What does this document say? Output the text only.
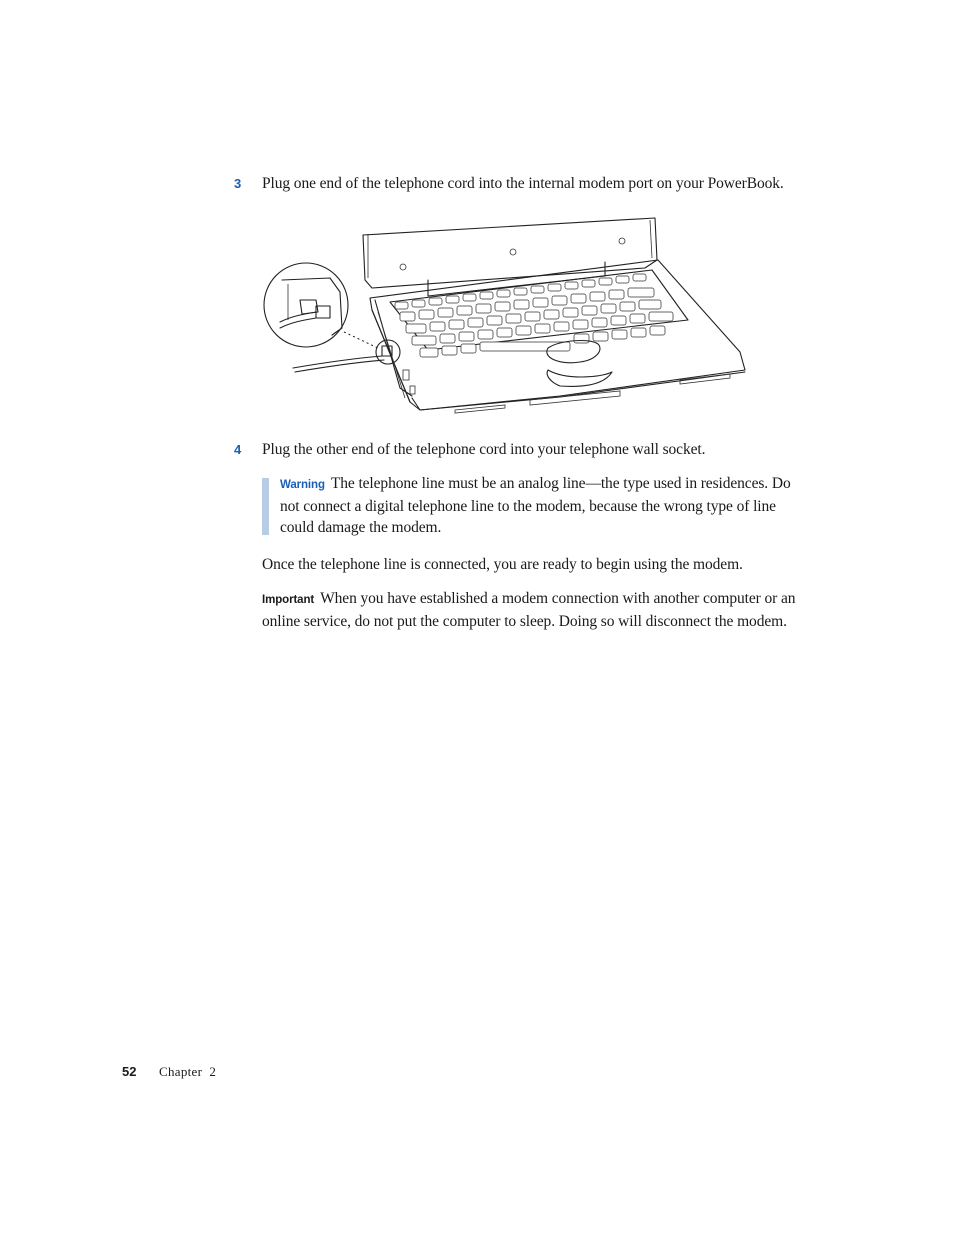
3 Plug one end of the telephone cord into the internal modem port on your PowerBook.
4 Plug the other end of the telephone cord into your telephone wall socket.
Warning The telephone line must be an analog line—the type used in residences. Do not connect a digital telephone line to the modem, because the wrong type of line could damage the modem.
Once the telephone line is connected, you are ready to begin using the modem.
Important When you have established a modem connection with another computer or an online service, do not put the computer to sleep. Doing so will disconnect the modem.
52 Chapter  2
